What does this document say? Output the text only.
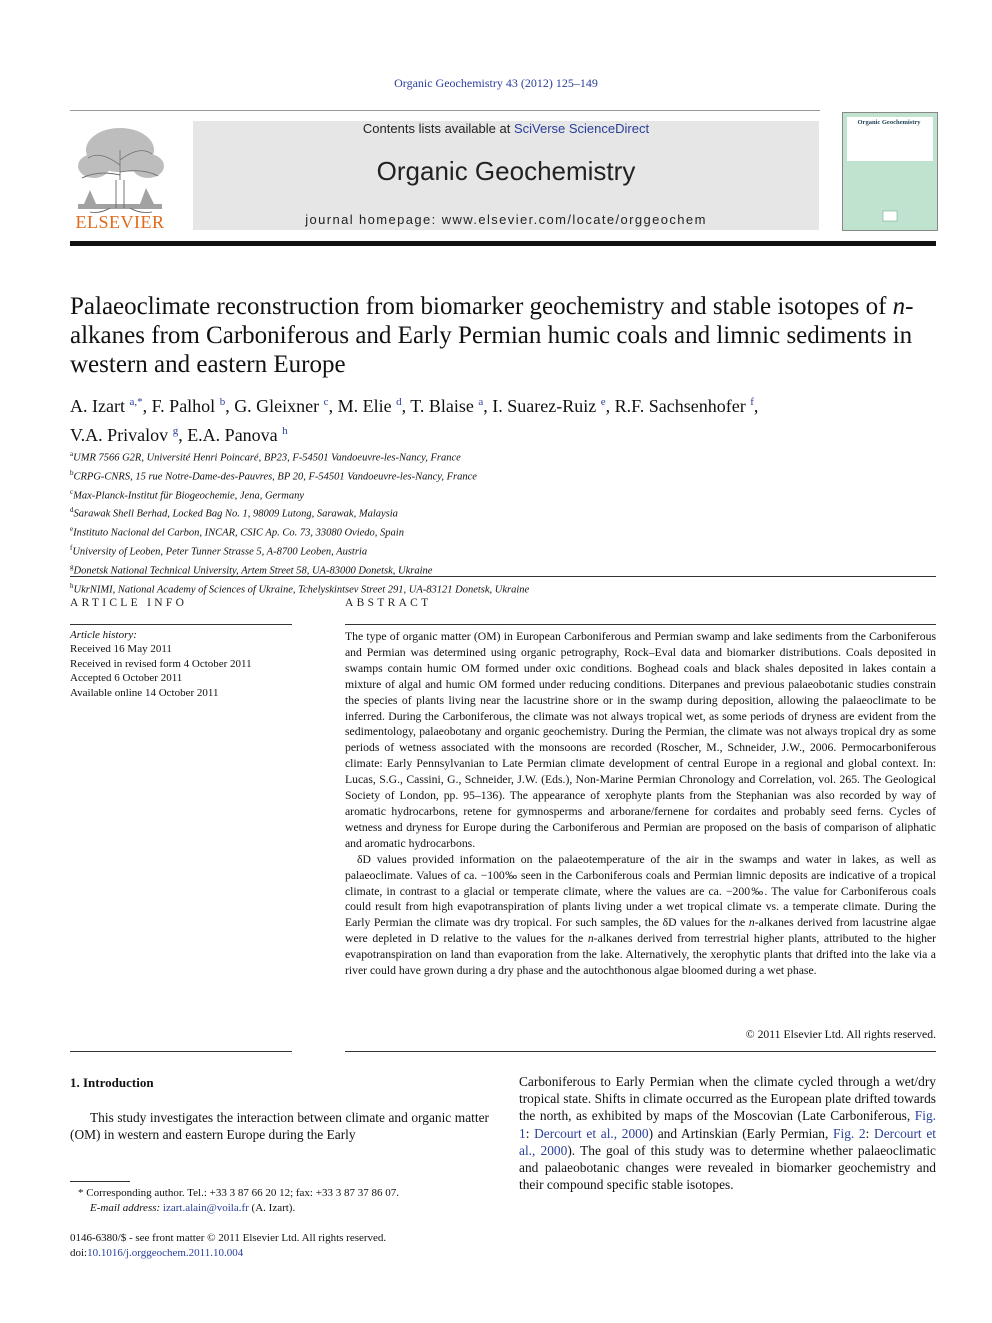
Organic Geochemistry 43 (2012) 125–149
ELSEVIER
Contents lists available at SciVerse ScienceDirect
Organic Geochemistry
journal homepage: www.elsevier.com/locate/orggeochem
Organic Geochemistry
Palaeoclimate reconstruction from biomarker geochemistry and stable isotopes of n-alkanes from Carboniferous and Early Permian humic coals and limnic sediments in western and eastern Europe
A. Izart $^{a,*}$, F. Palhol $^b$, G. Gleixner $^c$, M. Elie $^d$, T. Blaise $^a$, I. Suarez-Ruiz $^e$, R.F. Sachsenhofer $^f$,
V.A. Privalov $^g$, E.A. Panova $^h$
$^a$UMR 7566 G2R, Université Henri Poincaré, BP23, F-54501 Vandoeuvre-les-Nancy, France
$^b$CRPG-CNRS, 15 rue Notre-Dame-des-Pauvres, BP 20, F-54501 Vandoeuvre-les-Nancy, France
$^c$Max-Planck-Institut für Biogeochemie, Jena, Germany
$^d$Sarawak Shell Berhad, Locked Bag No. 1, 98009 Lutong, Sarawak, Malaysia
$^e$Instituto Nacional del Carbon, INCAR, CSIC Ap. Co. 73, 33080 Oviedo, Spain
$^f$University of Leoben, Peter Tunner Strasse 5, A-8700 Leoben, Austria
$^g$Donetsk National Technical University, Artem Street 58, UA-83000 Donetsk, Ukraine
$^h$UkrNIMI, National Academy of Sciences of Ukraine, Tchelyskintsev Street 291, UA-83121 Donetsk, Ukraine
ARTICLE INFO
Article history:
Received 16 May 2011
Received in revised form 4 October 2011
Accepted 6 October 2011
Available online 14 October 2011
ABSTRACT

The type of organic matter (OM) in European Carboniferous and Permian swamp and lake sediments from the Carboniferous and Permian was determined using organic petrography, Rock–Eval data and biomarker distributions. Coals deposited in swamps contain humic OM formed under oxic conditions. Boghead coals and black shales deposited in lakes contain a mixture of algal and humic OM formed under reducing conditions. Diterpanes and previous palaeobotanic studies constrain the species of plants living near the lacustrine shore or in the swamp during deposition, allowing the palaeoclimate to be inferred. During the Carboniferous, the climate was not always tropical wet, as some periods of dryness are evident from the sedimentology, palaeobotany and organic geochemistry. During the Permian, the climate was not always tropical dry as some periods of wetness associated with the monsoons are recorded (Roscher, M., Schneider, J.W., 2006. Permocarboniferous climate: Early Pennsylvanian to Late Permian climate development of central Europe in a regional and global context. In: Lucas, S.G., Cassini, G., Schneider, J.W. (Eds.), Non-Marine Permian Chronology and Correlation, vol. 265. The Geological Society of London, pp. 95–136). The appearance of xerophyte plants from the Stephanian was also recorded by way of aromatic hydrocarbons, retene for gymnosperms and arborane/fernene for cordaites and probably seed ferns. Cycles of wetness and dryness for Europe during the Carboniferous and Permian are proposed on the basis of comparison of aliphatic and aromatic hydrocarbons.

δD values provided information on the palaeotemperature of the air in the swamps and water in lakes, as well as palaeoclimate. Values of ca. −100‰ seen in the Carboniferous coals and Permian limnic deposits are indicative of a tropical climate, in contrast to a glacial or temperate climate, where the values are ca. −200‰. The value for Carboniferous coals could result from high evapotranspiration of plants living under a wet tropical climate vs. a temperate climate. During the Early Permian the climate was dry tropical. For such samples, the δD values for the n-alkanes derived from lacustrine algae were depleted in D relative to the values for the n-alkanes derived from terrestrial higher plants, attributed to the higher evapotranspiration on land than evaporation from the lake. Alternatively, the xerophytic plants that drifted into the lake via a river could have grown during a dry phase and the autochthonous algae bloomed during a wet phase.

© 2011 Elsevier Ltd. All rights reserved.
1. Introduction

This study investigates the interaction between climate and organic matter (OM) in western and eastern Europe during the Early

Carboniferous to Early Permian when the climate cycled through a wet/dry tropical state. Shifts in climate occurred as the European plate drifted towards the north, as exhibited by maps of the Moscovian (Late Carboniferous, Fig. 1: Dercourt et al., 2000) and Artinskian (Early Permian, Fig. 2: Dercourt et al., 2000). The goal of this study was to determine whether palaeoclimatic and palaeobotanic changes were revealed in biomarker geochemistry and their compound specific stable isotopes.

* Corresponding author. Tel.: +33 3 87 66 20 12; fax: +33 3 87 37 86 07.
E-mail address: izart.alain@voila.fr (A. Izart).
0146-6380/$ - see front matter © 2011 Elsevier Ltd. All rights reserved.
doi:10.1016/j.orggeochem.2011.10.004
